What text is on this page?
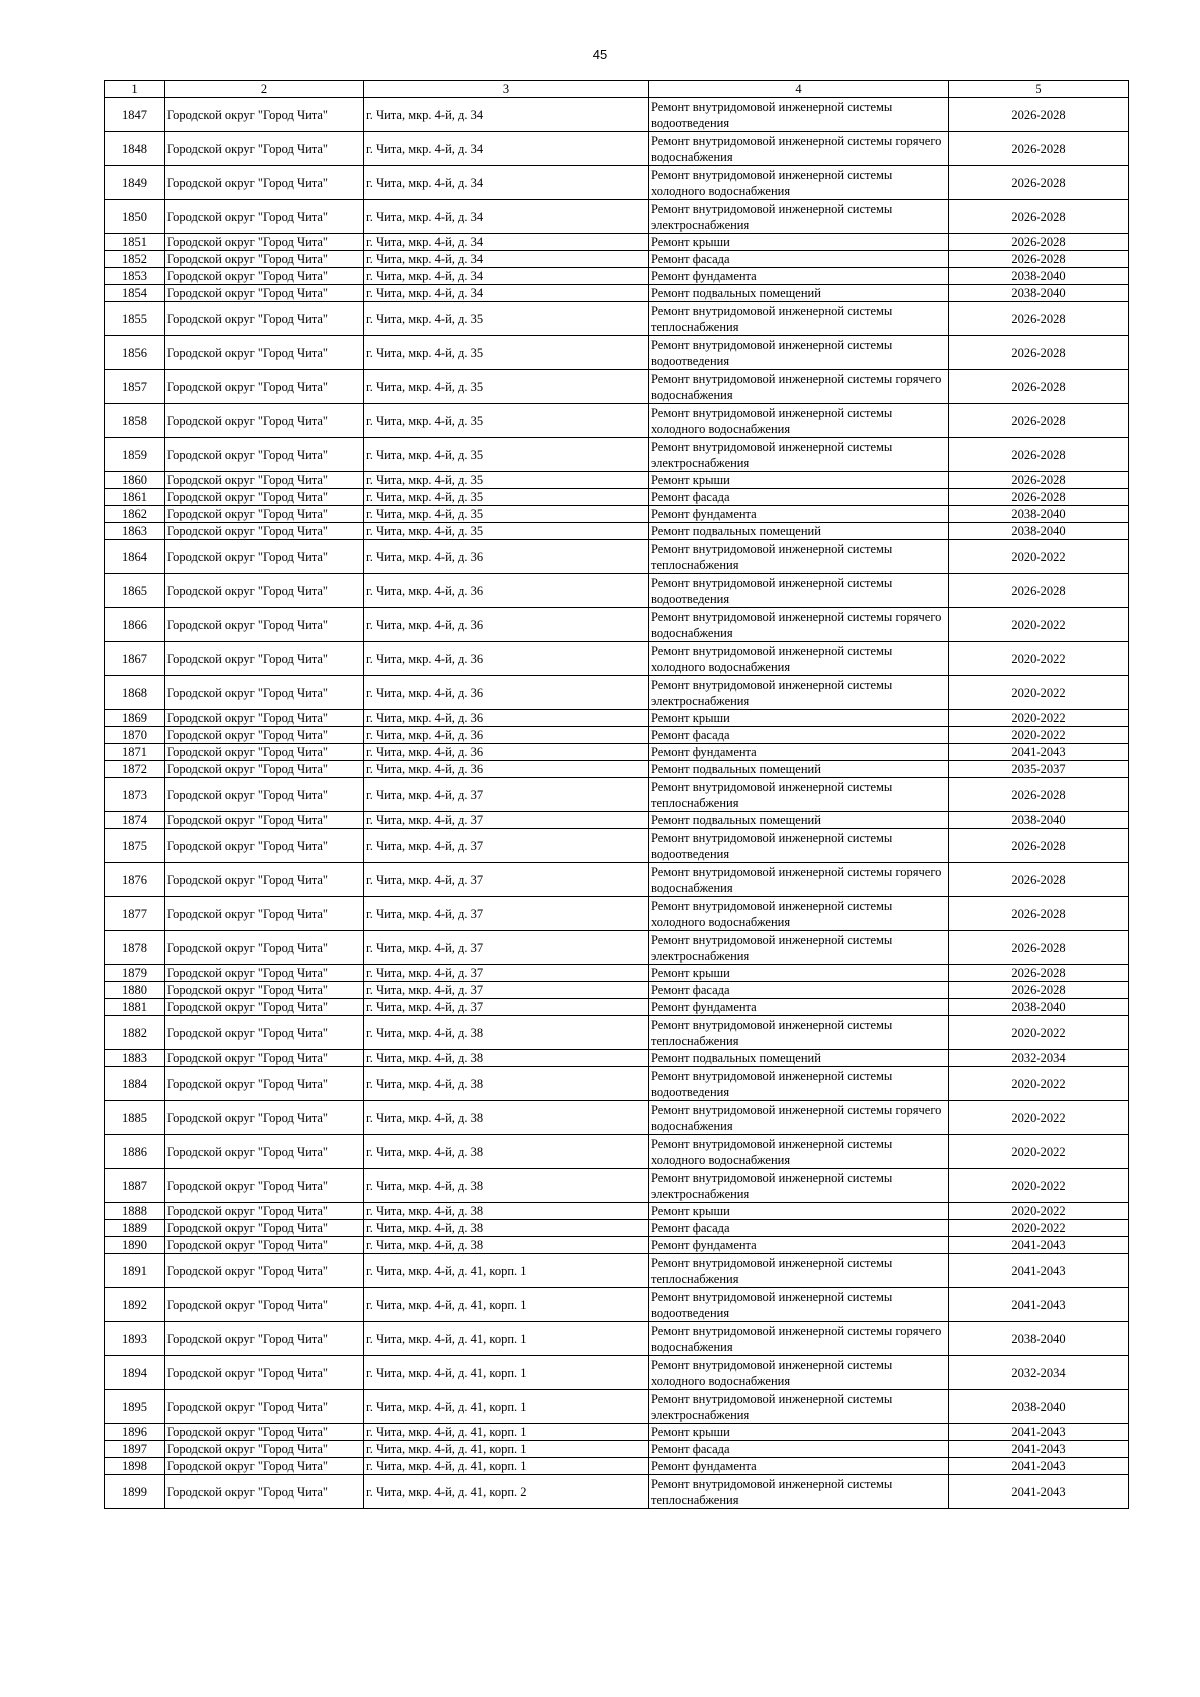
45
1	2	3	4	5
1847	Городской округ "Город Чита"	г. Чита, мкр. 4-й, д. 34	Ремонт внутридомовой инженерной системы водоотведения	2026-2028
1848	Городской округ "Город Чита"	г. Чита, мкр. 4-й, д. 34	Ремонт внутридомовой инженерной системы горячего водоснабжения	2026-2028
1849	Городской округ "Город Чита"	г. Чита, мкр. 4-й, д. 34	Ремонт внутридомовой инженерной системы холодного водоснабжения	2026-2028
1850	Городской округ "Город Чита"	г. Чита, мкр. 4-й, д. 34	Ремонт внутридомовой инженерной системы электроснабжения	2026-2028
1851	Городской округ "Город Чита"	г. Чита, мкр. 4-й, д. 34	Ремонт крыши	2026-2028
1852	Городской округ "Город Чита"	г. Чита, мкр. 4-й, д. 34	Ремонт фасада	2026-2028
1853	Городской округ "Город Чита"	г. Чита, мкр. 4-й, д. 34	Ремонт фундамента	2038-2040
1854	Городской округ "Город Чита"	г. Чита, мкр. 4-й, д. 34	Ремонт подвальных помещений	2038-2040
1855	Городской округ "Город Чита"	г. Чита, мкр. 4-й, д. 35	Ремонт внутридомовой инженерной системы теплоснабжения	2026-2028
1856	Городской округ "Город Чита"	г. Чита, мкр. 4-й, д. 35	Ремонт внутридомовой инженерной системы водоотведения	2026-2028
1857	Городской округ "Город Чита"	г. Чита, мкр. 4-й, д. 35	Ремонт внутридомовой инженерной системы горячего водоснабжения	2026-2028
1858	Городской округ "Город Чита"	г. Чита, мкр. 4-й, д. 35	Ремонт внутридомовой инженерной системы холодного водоснабжения	2026-2028
1859	Городской округ "Город Чита"	г. Чита, мкр. 4-й, д. 35	Ремонт внутридомовой инженерной системы электроснабжения	2026-2028
1860	Городской округ "Город Чита"	г. Чита, мкр. 4-й, д. 35	Ремонт крыши	2026-2028
1861	Городской округ "Город Чита"	г. Чита, мкр. 4-й, д. 35	Ремонт фасада	2026-2028
1862	Городской округ "Город Чита"	г. Чита, мкр. 4-й, д. 35	Ремонт фундамента	2038-2040
1863	Городской округ "Город Чита"	г. Чита, мкр. 4-й, д. 35	Ремонт подвальных помещений	2038-2040
1864	Городской округ "Город Чита"	г. Чита, мкр. 4-й, д. 36	Ремонт внутридомовой инженерной системы теплоснабжения	2020-2022
1865	Городской округ "Город Чита"	г. Чита, мкр. 4-й, д. 36	Ремонт внутридомовой инженерной системы водоотведения	2026-2028
1866	Городской округ "Город Чита"	г. Чита, мкр. 4-й, д. 36	Ремонт внутридомовой инженерной системы горячего водоснабжения	2020-2022
1867	Городской округ "Город Чита"	г. Чита, мкр. 4-й, д. 36	Ремонт внутридомовой инженерной системы холодного водоснабжения	2020-2022
1868	Городской округ "Город Чита"	г. Чита, мкр. 4-й, д. 36	Ремонт внутридомовой инженерной системы электроснабжения	2020-2022
1869	Городской округ "Город Чита"	г. Чита, мкр. 4-й, д. 36	Ремонт крыши	2020-2022
1870	Городской округ "Город Чита"	г. Чита, мкр. 4-й, д. 36	Ремонт фасада	2020-2022
1871	Городской округ "Город Чита"	г. Чита, мкр. 4-й, д. 36	Ремонт фундамента	2041-2043
1872	Городской округ "Город Чита"	г. Чита, мкр. 4-й, д. 36	Ремонт подвальных помещений	2035-2037
1873	Городской округ "Город Чита"	г. Чита, мкр. 4-й, д. 37	Ремонт внутридомовой инженерной системы теплоснабжения	2026-2028
1874	Городской округ "Город Чита"	г. Чита, мкр. 4-й, д. 37	Ремонт подвальных помещений	2038-2040
1875	Городской округ "Город Чита"	г. Чита, мкр. 4-й, д. 37	Ремонт внутридомовой инженерной системы водоотведения	2026-2028
1876	Городской округ "Город Чита"	г. Чита, мкр. 4-й, д. 37	Ремонт внутридомовой инженерной системы горячего водоснабжения	2026-2028
1877	Городской округ "Город Чита"	г. Чита, мкр. 4-й, д. 37	Ремонт внутридомовой инженерной системы холодного водоснабжения	2026-2028
1878	Городской округ "Город Чита"	г. Чита, мкр. 4-й, д. 37	Ремонт внутридомовой инженерной системы электроснабжения	2026-2028
1879	Городской округ "Город Чита"	г. Чита, мкр. 4-й, д. 37	Ремонт крыши	2026-2028
1880	Городской округ "Город Чита"	г. Чита, мкр. 4-й, д. 37	Ремонт фасада	2026-2028
1881	Городской округ "Город Чита"	г. Чита, мкр. 4-й, д. 37	Ремонт фундамента	2038-2040
1882	Городской округ "Город Чита"	г. Чита, мкр. 4-й, д. 38	Ремонт внутридомовой инженерной системы теплоснабжения	2020-2022
1883	Городской округ "Город Чита"	г. Чита, мкр. 4-й, д. 38	Ремонт подвальных помещений	2032-2034
1884	Городской округ "Город Чита"	г. Чита, мкр. 4-й, д. 38	Ремонт внутридомовой инженерной системы водоотведения	2020-2022
1885	Городской округ "Город Чита"	г. Чита, мкр. 4-й, д. 38	Ремонт внутридомовой инженерной системы горячего водоснабжения	2020-2022
1886	Городской округ "Город Чита"	г. Чита, мкр. 4-й, д. 38	Ремонт внутридомовой инженерной системы холодного водоснабжения	2020-2022
1887	Городской округ "Город Чита"	г. Чита, мкр. 4-й, д. 38	Ремонт внутридомовой инженерной системы электроснабжения	2020-2022
1888	Городской округ "Город Чита"	г. Чита, мкр. 4-й, д. 38	Ремонт крыши	2020-2022
1889	Городской округ "Город Чита"	г. Чита, мкр. 4-й, д. 38	Ремонт фасада	2020-2022
1890	Городской округ "Город Чита"	г. Чита, мкр. 4-й, д. 38	Ремонт фундамента	2041-2043
1891	Городской округ "Город Чита"	г. Чита, мкр. 4-й, д. 41, корп. 1	Ремонт внутридомовой инженерной системы теплоснабжения	2041-2043
1892	Городской округ "Город Чита"	г. Чита, мкр. 4-й, д. 41, корп. 1	Ремонт внутридомовой инженерной системы водоотведения	2041-2043
1893	Городской округ "Город Чита"	г. Чита, мкр. 4-й, д. 41, корп. 1	Ремонт внутридомовой инженерной системы горячего водоснабжения	2038-2040
1894	Городской округ "Город Чита"	г. Чита, мкр. 4-й, д. 41, корп. 1	Ремонт внутридомовой инженерной системы холодного водоснабжения	2032-2034
1895	Городской округ "Город Чита"	г. Чита, мкр. 4-й, д. 41, корп. 1	Ремонт внутридомовой инженерной системы электроснабжения	2038-2040
1896	Городской округ "Город Чита"	г. Чита, мкр. 4-й, д. 41, корп. 1	Ремонт крыши	2041-2043
1897	Городской округ "Город Чита"	г. Чита, мкр. 4-й, д. 41, корп. 1	Ремонт фасада	2041-2043
1898	Городской округ "Город Чита"	г. Чита, мкр. 4-й, д. 41, корп. 1	Ремонт фундамента	2041-2043
1899	Городской округ "Город Чита"	г. Чита, мкр. 4-й, д. 41, корп. 2	Ремонт внутридомовой инженерной системы теплоснабжения	2041-2043
